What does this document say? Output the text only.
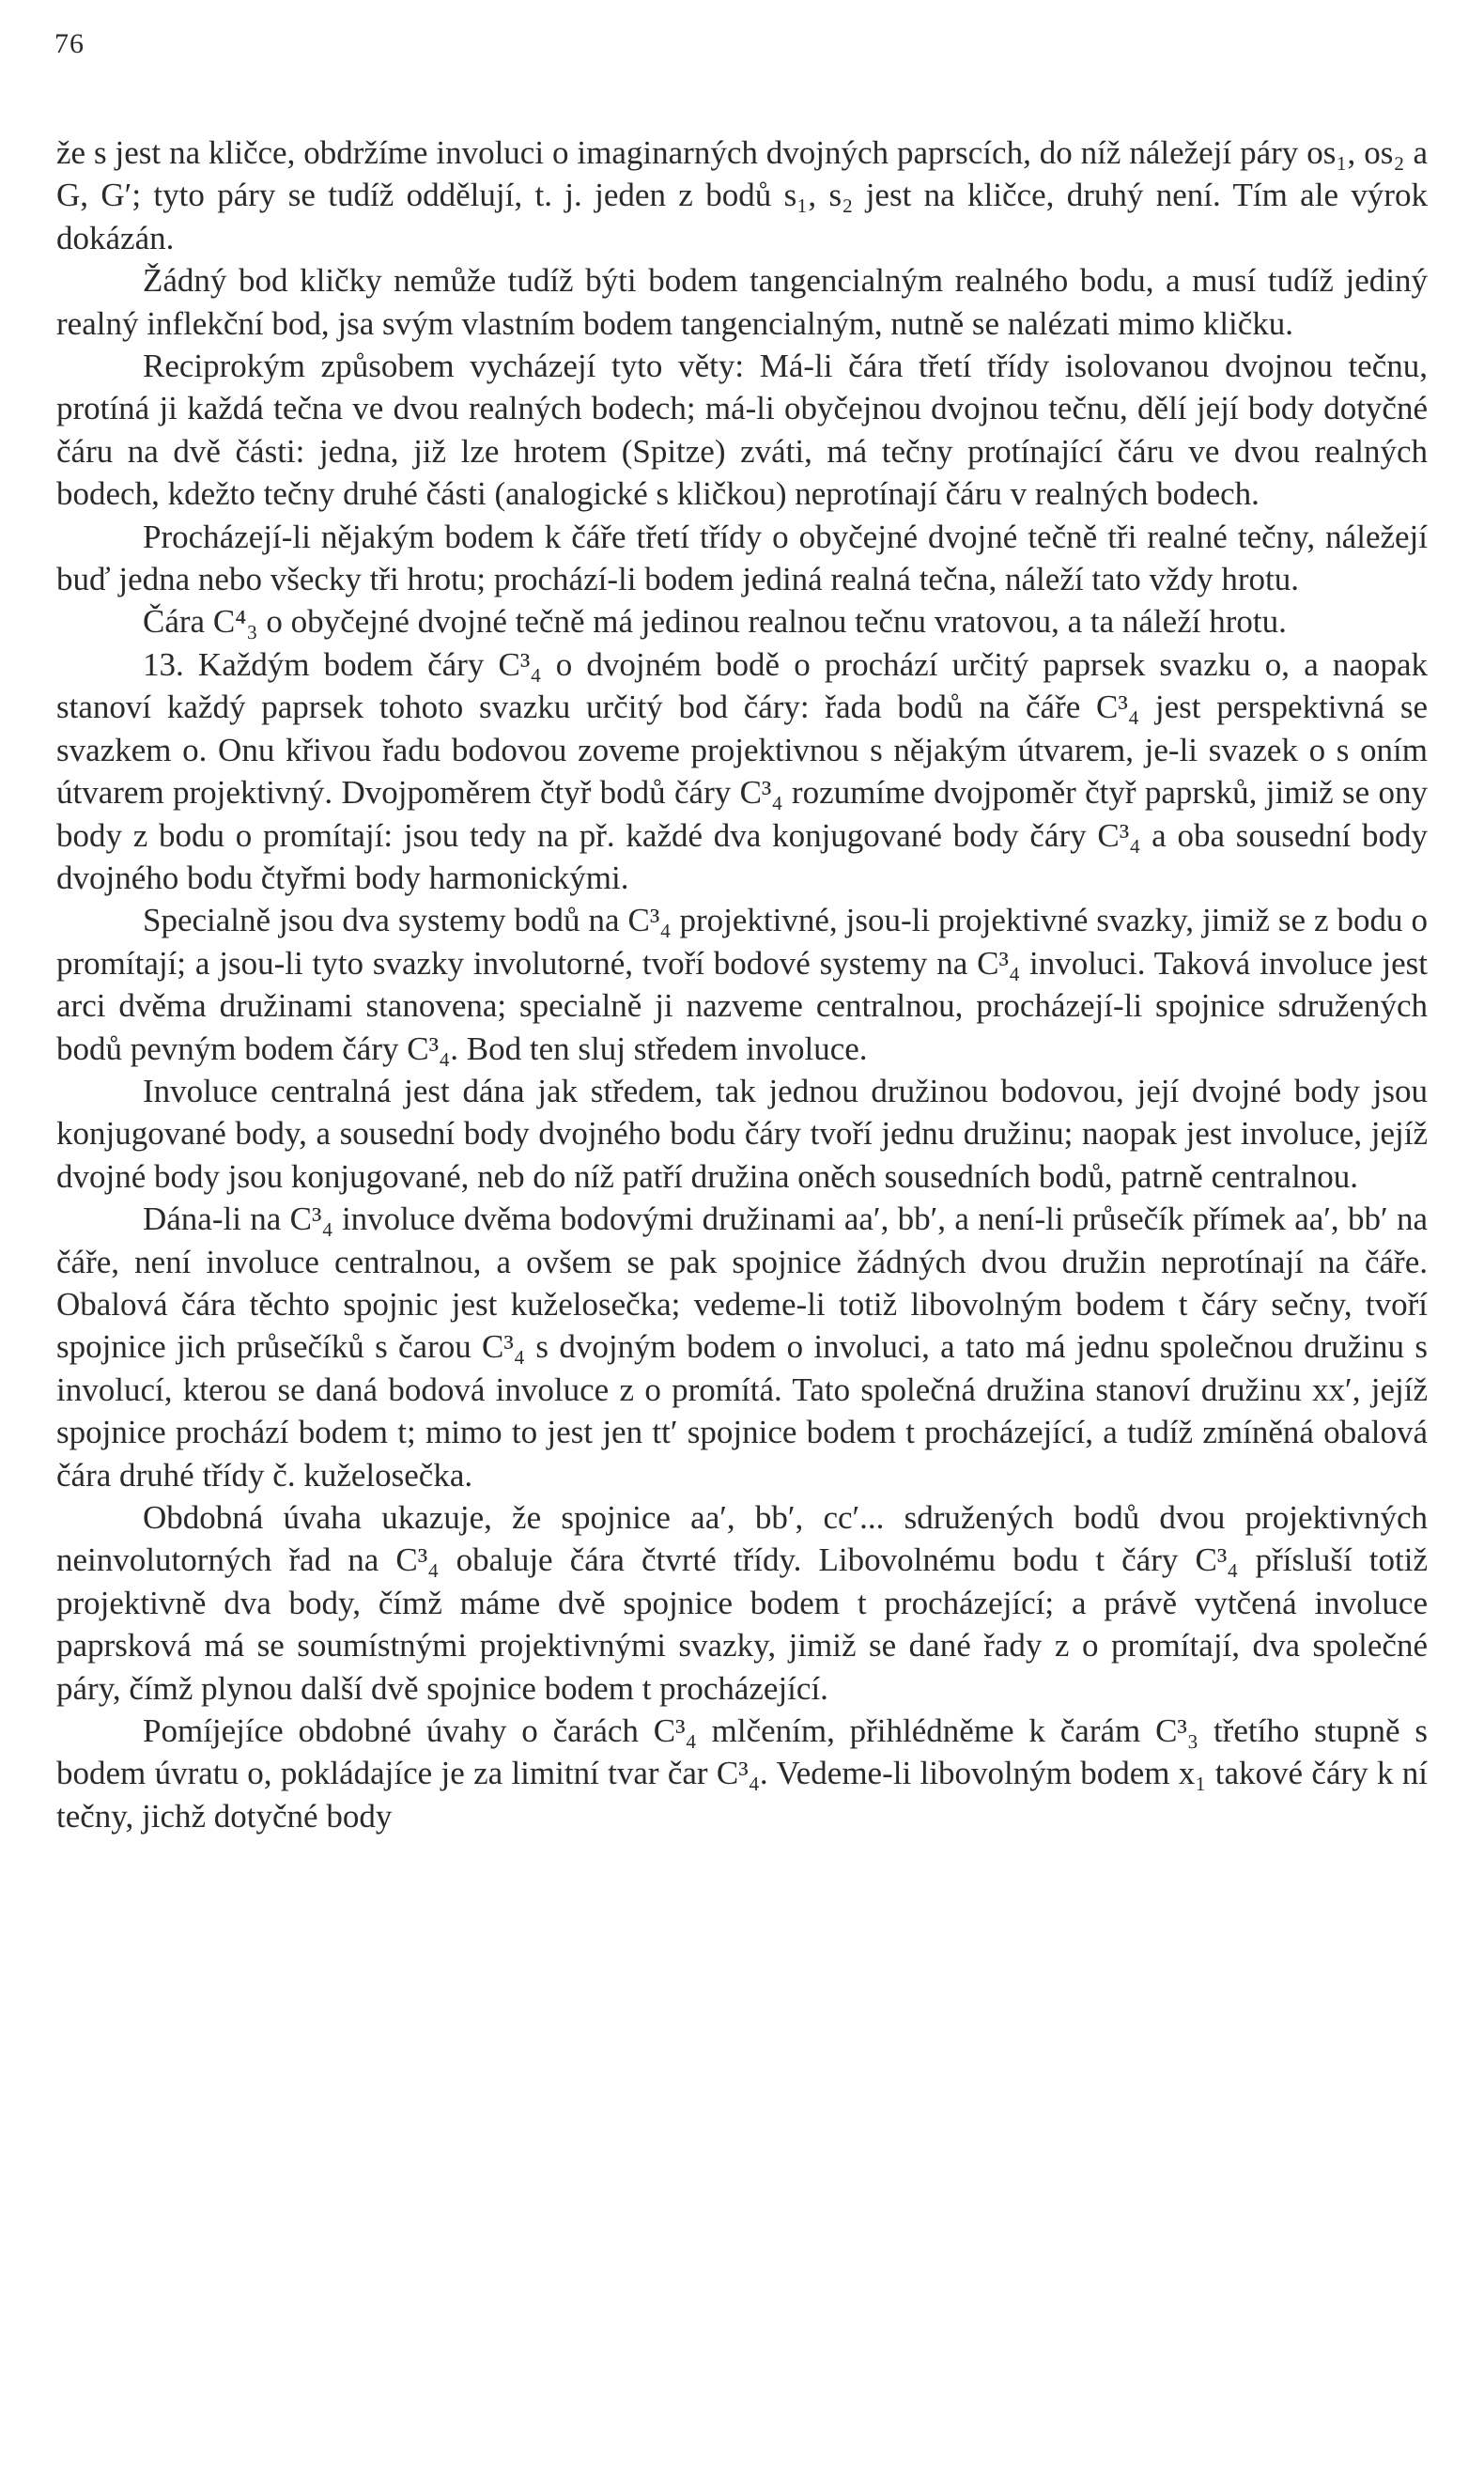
76

že s jest na kličce, obdržíme involuci o imaginarných dvojných paprscích, do níž náležejí páry os₁, os₂ a G, G′; tyto páry se tudíž oddělují, t. j. jeden z bodů s₁, s₂ jest na kličce, druhý není. Tím ale výrok dokázán.

Žádný bod kličky nemůže tudíž býti bodem tangencialným realného bodu, a musí tudíž jediný realný inflekční bod, jsa svým vlastním bodem tangencialným, nutně se nalézati mimo kličku.

Reciprokým způsobem vycházejí tyto věty: Má-li čára třetí třídy isolovanou dvojnou tečnu, protíná ji každá tečna ve dvou realných bodech; má-li obyčejnou dvojnou tečnu, dělí její body dotyčné čáru na dvě části: jedna, již lze hrotem (Spitze) zváti, má tečny protínající čáru ve dvou realných bodech, kdežto tečny druhé části (analogické s kličkou) neprotínají čáru v realných bodech.

Procházejí-li nějakým bodem k čáře třetí třídy o obyčejné dvojné tečně tři realné tečny, náležejí buď jedna nebo všecky tři hrotu; prochází-li bodem jediná realná tečna, náleží tato vždy hrotu.

Čára C⁴₃ o obyčejné dvojné tečně má jedinou realnou tečnu vratovou, a ta náleží hrotu.

13. Každým bodem čáry C³₄ o dvojném bodě o prochází určitý paprsek svazku o, a naopak stanoví každý paprsek tohoto svazku určitý bod čáry: řada bodů na čáře C³₄ jest perspektivná se svazkem o. Onu křivou řadu bodovou zoveme projektivnou s nějakým útvarem, je-li svazek o s oním útvarem projektivný. Dvojpoměrem čtyř bodů čáry C³₄ rozumíme dvojpoměr čtyř paprsků, jimiž se ony body z bodu o promítají: jsou tedy na př. každé dva konjugované body čáry C³₄ a oba sousední body dvojného bodu čtyřmi body harmonickými.

Specialně jsou dva systemy bodů na C³₄ projektivné, jsou-li projektivné svazky, jimiž se z bodu o promítají; a jsou-li tyto svazky involutorné, tvoří bodové systemy na C³₄ involuci. Taková involuce jest arci dvěma družinami stanovena; specialně ji nazveme centralnou, procházejí-li spojnice sdružených bodů pevným bodem čáry C³₄. Bod ten sluj středem involuce.

Involuce centralná jest dána jak středem, tak jednou družinou bodovou, její dvojné body jsou konjugované body, a sousední body dvojného bodu čáry tvoří jednu družinu; naopak jest involuce, jejíž dvojné body jsou konjugované, neb do níž patří družina oněch sousedních bodů, patrně centralnou.

Dána-li na C³₄ involuce dvěma bodovými družinami aa′, bb′, a není-li průsečík přímek aa′, bb′ na čáře, není involuce centralnou, a ovšem se pak spojnice žádných dvou družin neprotínají na čáře. Obalová čára těchto spojnic jest kuželosečka; vedeme-li totiž libovolným bodem t čáry sečny, tvoří spojnice jich průsečíků s čarou C³₄ s dvojným bodem o involuci, a tato má jednu společnou družinu s involucí, kterou se daná bodová involuce z o promítá. Tato společná družina stanoví družinu xx′, jejíž spojnice prochází bodem t; mimo to jest jen tt′ spojnice bodem t procházející, a tudíž zmíněná obalová čára druhé třídy č. kuželosečka.

Obdobná úvaha ukazuje, že spojnice aa′, bb′, cc′... sdružených bodů dvou projektivných neinvolutorných řad na C³₄ obaluje čára čtvrté třídy. Libovolnému bodu t čáry C³₄ přísluší totiž projektivně dva body, čímž máme dvě spojnice bodem t procházející; a právě vytčená involuce paprsková má se soumístnými projektivnými svazky, jimiž se dané řady z o promítají, dva společné páry, čímž plynou další dvě spojnice bodem t procházející.

Pomíjejíce obdobné úvahy o čarách C³₄ mlčením, přihlédněme k čarám C³₃ třetího stupně s bodem úvratu o, pokládajíce je za limitní tvar čar C³₄. Vedeme-li libovolným bodem x₁ takové čáry k ní tečny, jichž dotyčné body
